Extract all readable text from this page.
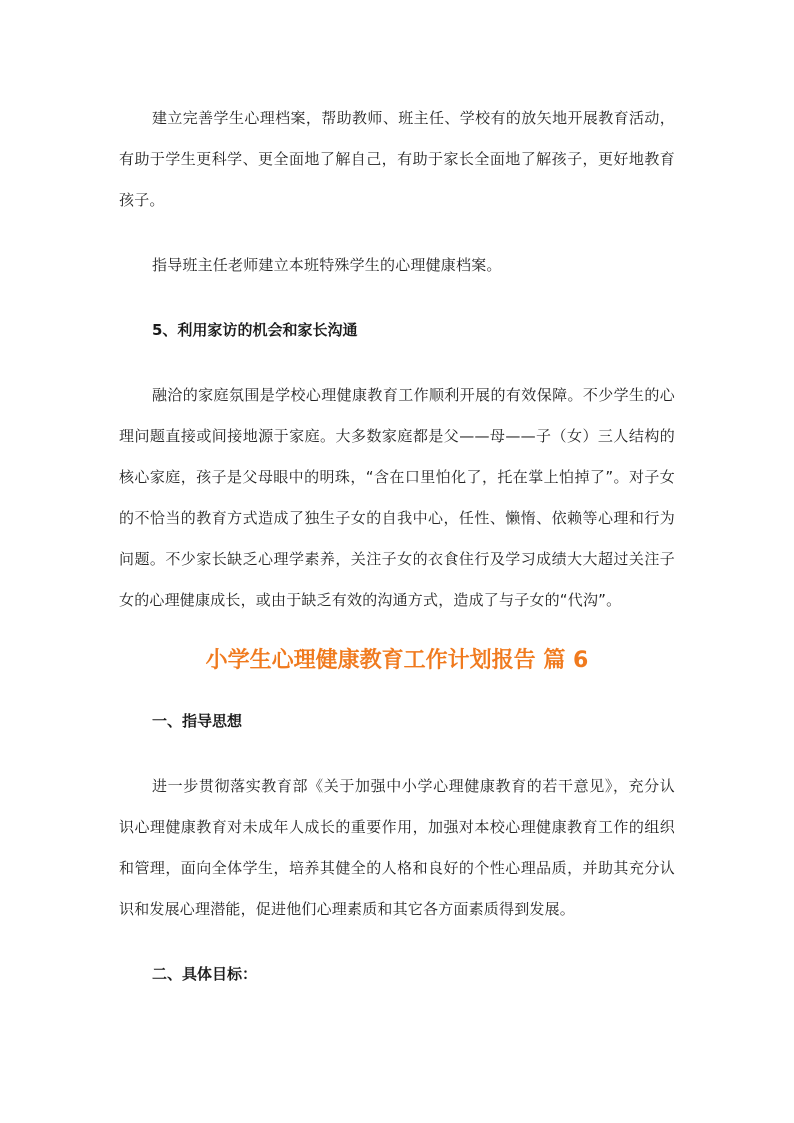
建立完善学生心理档案，帮助教师、班主任、学校有的放矢地开展教育活动，有助于学生更科学、更全面地了解自己，有助于家长全面地了解孩子，更好地教育孩子。

指导班主任老师建立本班特殊学生的心理健康档案。

5、利用家访的机会和家长沟通

融洽的家庭氛围是学校心理健康教育工作顺利开展的有效保障。不少学生的心理问题直接或间接地源于家庭。大多数家庭都是父——母——子（女）三人结构的核心家庭，孩子是父母眼中的明珠，“含在口里怕化了，托在掌上怕掉了”。对子女的不恰当的教育方式造成了独生子女的自我中心，任性、懒惰、依赖等心理和行为问题。不少家长缺乏心理学素养，关注子女的衣食住行及学习成绩大大超过关注子女的心理健康成长，或由于缺乏有效的沟通方式，造成了与子女的“代沟”。

小学生心理健康教育工作计划报告 篇 6

一、指导思想

进一步贯彻落实教育部《关于加强中小学心理健康教育的若干意见》，充分认识心理健康教育对未成年人成长的重要作用，加强对本校心理健康教育工作的组织和管理，面向全体学生，培养其健全的人格和良好的个性心理品质，并助其充分认识和发展心理潜能，促进他们心理素质和其它各方面素质得到发展。

二、具体目标：
